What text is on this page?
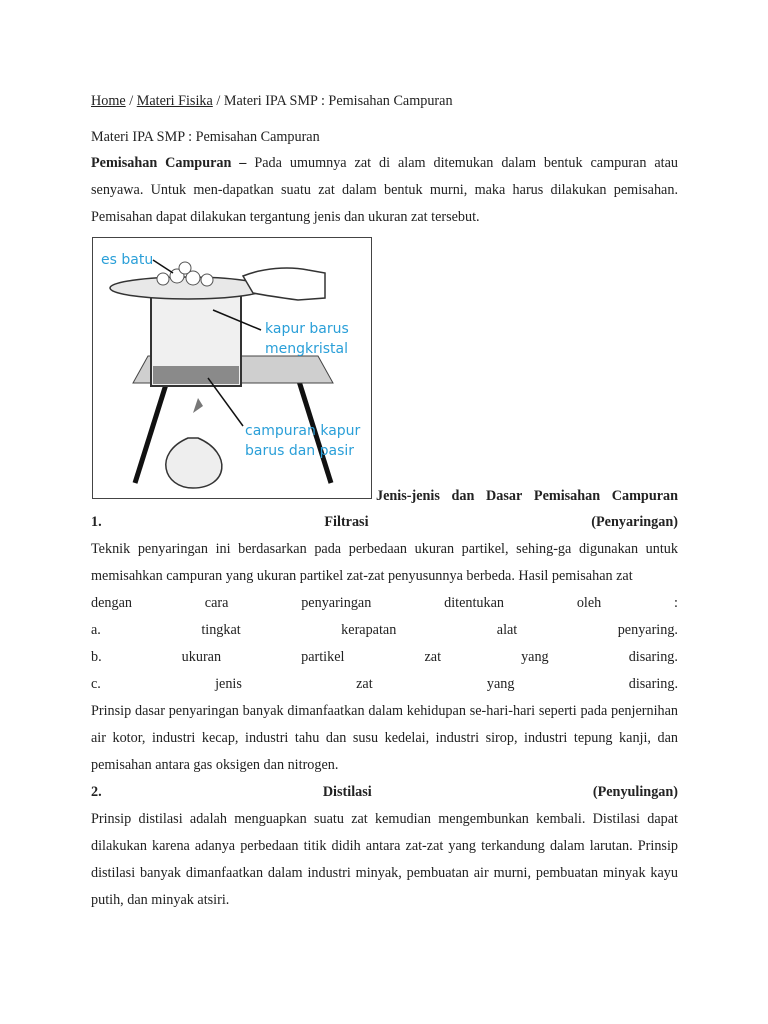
Home / Materi Fisika / Materi IPA SMP : Pemisahan Campuran
Materi IPA SMP : Pemisahan Campuran
Pemisahan Campuran – Pada umumnya zat di alam ditemukan dalam bentuk campuran atau senyawa. Untuk men-dapatkan suatu zat dalam bentuk murni, maka harus dilakukan pemisahan. Pemisahan dapat dilakukan tergantung jenis dan ukuran zat tersebut.
es batu
kapur barus
mengkristal
campuran kapur
barus dan pasir
Jenis-jenis dan Dasar Pemisahan Campuran
1.	Filtrasi	(Penyaringan)
Teknik penyaringan ini berdasarkan pada perbedaan ukuran partikel, sehing-ga digunakan untuk memisahkan campuran yang ukuran partikel zat-zat penyusunnya berbeda. Hasil pemisahan zat
dengan	cara	penyaringan	ditentukan	oleh	:
a.	tingkat	kerapatan	alat	penyaring.
b.	ukuran	partikel	zat	yang	disaring.
c.	jenis	zat	yang	disaring.
Prinsip dasar penyaringan banyak dimanfaatkan dalam kehidupan se-hari-hari seperti pada penjernihan air kotor, industri kecap, industri tahu dan susu kedelai, industri sirop, industri tepung kanji, dan pemisahan antara gas oksigen dan nitrogen.
2.	Distilasi	(Penyulingan)
Prinsip distilasi adalah menguapkan suatu zat kemudian mengembunkan kembali. Distilasi dapat dilakukan karena adanya perbedaan titik didih antara zat-zat yang terkandung dalam larutan. Prinsip distilasi banyak dimanfaatkan dalam industri minyak, pembuatan air murni, pembuatan minyak kayu putih, dan minyak atsiri.
